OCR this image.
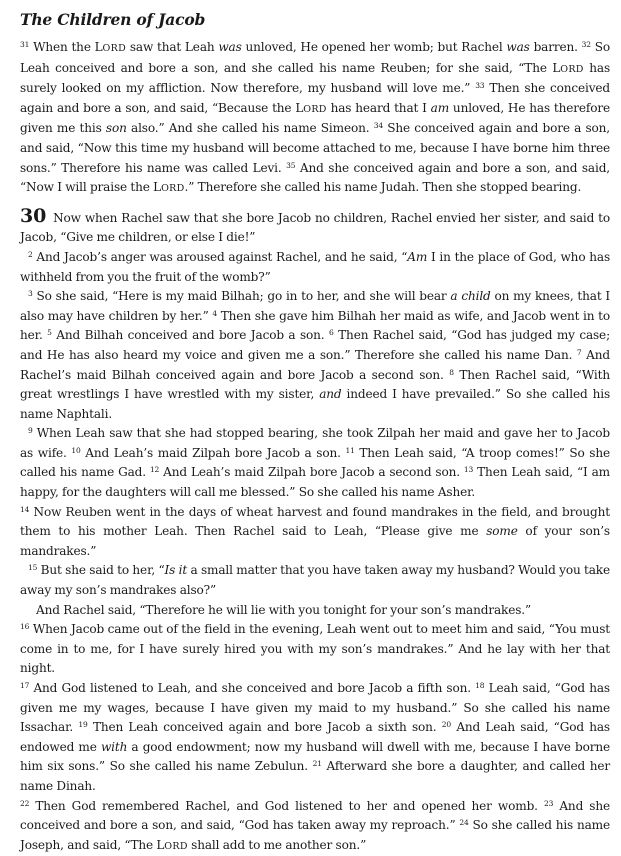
The Children of Jacob

$^{31}$ When the LORD saw that Leah was unloved, He opened her womb; but Rachel was barren. $^{32}$ So Leah conceived and bore a son, and she called his name Reuben; for she said, “The LORD has surely looked on my affliction. Now therefore, my husband will love me.” $^{33}$ Then she conceived again and bore a son, and said, “Because the LORD has heard that I am unloved, He has therefore given me this son also.” And she called his name Simeon. $^{34}$ She conceived again and bore a son, and said, “Now this time my husband will become attached to me, because I have borne him three sons.” Therefore his name was called Levi. $^{35}$ And she conceived again and bore a son, and said, “Now I will praise the LORD.” Therefore she called his name Judah. Then she stopped bearing.

30 Now when Rachel saw that she bore Jacob no children, Rachel envied her sister, and said to Jacob, “Give me children, or else I die!”

$^2$ And Jacob’s anger was aroused against Rachel, and he said, “Am I in the place of God, who has withheld from you the fruit of the womb?”

$^3$ So she said, “Here is my maid Bilhah; go in to her, and she will bear a child on my knees, that I also may have children by her.” $^4$ Then she gave him Bilhah her maid as wife, and Jacob went in to her. $^5$ And Bilhah conceived and bore Jacob a son. $^6$ Then Rachel said, “God has judged my case; and He has also heard my voice and given me a son.” Therefore she called his name Dan. $^7$ And Rachel’s maid Bilhah conceived again and bore Jacob a second son. $^8$ Then Rachel said, “With great wrestlings I have wrestled with my sister, and indeed I have prevailed.” So she called his name Naphtali.

$^9$ When Leah saw that she had stopped bearing, she took Zilpah her maid and gave her to Jacob as wife. $^{10}$ And Leah’s maid Zilpah bore Jacob a son. $^{11}$ Then Leah said, “A troop comes!” So she called his name Gad. $^{12}$ And Leah’s maid Zilpah bore Jacob a second son. $^{13}$ Then Leah said, “I am happy, for the daughters will call me blessed.” So she called his name Asher.

$^{14}$ Now Reuben went in the days of wheat harvest and found mandrakes in the field, and brought them to his mother Leah. Then Rachel said to Leah, “Please give me some of your son’s mandrakes.”

$^{15}$ But she said to her, “Is it a small matter that you have taken away my husband? Would you take away my son’s mandrakes also?”

And Rachel said, “Therefore he will lie with you tonight for your son’s mandrakes.”

$^{16}$ When Jacob came out of the field in the evening, Leah went out to meet him and said, “You must come in to me, for I have surely hired you with my son’s mandrakes.” And he lay with her that night.

$^{17}$ And God listened to Leah, and she conceived and bore Jacob a fifth son. $^{18}$ Leah said, “God has given me my wages, because I have given my maid to my husband.” So she called his name Issachar. $^{19}$ Then Leah conceived again and bore Jacob a sixth son. $^{20}$ And Leah said, “God has endowed me with a good endowment; now my husband will dwell with me, because I have borne him six sons.” So she called his name Zebulun. $^{21}$ Afterward she bore a daughter, and called her name Dinah.

$^{22}$ Then God remembered Rachel, and God listened to her and opened her womb. $^{23}$ And she conceived and bore a son, and said, “God has taken away my reproach.” $^{24}$ So she called his name Joseph, and said, “The LORD shall add to me another son.”
